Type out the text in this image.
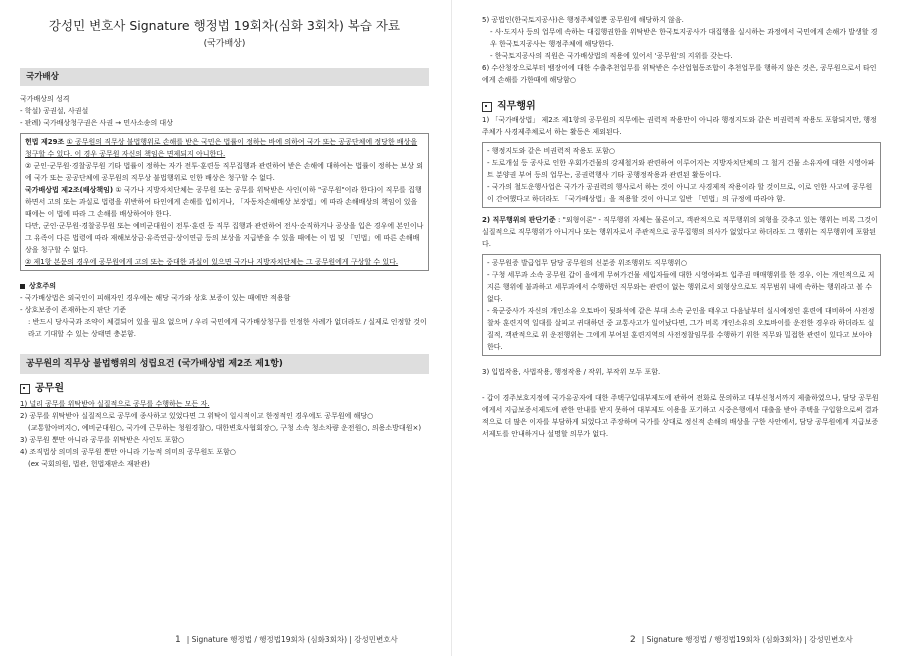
강성민 변호사 Signature 행정법 19회차(심화 3회차) 복습 자료
(국가배상)
국가배상
국가배상의 성격
- 학설) 공권설, 사권설
- 판례) 국가배상청구권은 사권 → 민사소송의 대상

헌법 제29조 ① 공무원의 직무상 불법행위로 손해를 받은 국민은 법률이 정하는 바에 의하여 국가 또는 공공단체에 정당한 배상을 청구할 수 있다. 이 경우 공무원 자신의 책임은 면제되지 아니한다.

② 군인·군무원·경찰공무원 기타 법률이 정하는 자가 전투·훈련등 직무집행과 관련하여 받은 손해에 대하여는 법률이 정하는 보상 외에 국가 또는 공공단체에 공무원의 직무상 불법행위로 인한 배상은 청구할 수 없다.

국가배상법 제2조(배상책임) ① 국가나 지방자치단체는 공무원 또는 공무를 위탁받은 사인(이하 "공무원"이라 한다)이 직무를 집행하면서 고의 또는 과실로 법령을 위반하여 타인에게 손해를 입히거나, 「자동차손해배상 보장법」에 따라 손해배상의 책임이 있을 때에는 이 법에 따라 그 손해를 배상하여야 한다.

다만, 군인·군무원·경찰공무원 또는 예비군대원이 전투·훈련 등 직무 집행과 관련하여 전사·순직하거나 공상을 입은 경우에 본인이나 그 유족이 다른 법령에 따라 재해보상금·유족연금·상이연금 등의 보상을 지급받을 수 있을 때에는 이 법 및 「민법」에 따른 손해배상을 청구할 수 없다.

② 제1항 본문의 경우에 공무원에게 고의 또는 중대한 과실이 있으면 국가나 지방자치단체는 그 공무원에게 구상할 수 있다.

상호주의
- 국가배상법은 외국인이 피해자인 경우에는 해당 국가와 상호 보증이 있는 때에만 적용함
- 상호보증이 존재하는지 판단 기준
: 반드시 당사국과 조약이 체결되어 있을 필요 없으며 / 우리 국민에게 국가배상청구를 인정한 사례가 없더라도 / 실제로 인정할 것이라고 기대할 수 있는 상태면 충분함.
공무원의 직무상 불법행위의 성립요건 (국가배상법 제2조 제1항)
공무원
1) 널리 공무를 위탁받아 실질적으로 공무를 수행하는 모든 자.
2) 공무를 위탁받아 실질적으로 공무에 종사하고 있었다면 그 위탁이 일시적이고 한정적인 경우에도 공무원에 해당○
(교통할아버지○, 예비군대원○, 국가에 근무하는 청원경찰○, 대한변호사협회장○, 구청 소속 청소차량 운전원○, 의용소방대원×)
3) 공무원 뿐만 아니라 공무를 위탁받은 사인도 포함○
4) 조직법상 의미의 공무원 뿐만 아니라 기능적 의미의 공무원도 포함○
(ex 국회의원, 법관, 헌법재판소 재판관)
5) 공법인(한국토지공사)은 행정주체일뿐 공무원에 해당하지 않음.
- 사·도지사 등의 업무에 속하는 대집행권한을 위탁받은 한국토지공사가 대집행을 실시하는 과정에서 국민에게 손해가 발생할 경우 한국토지공사는 행정주체에 해당한다.
- 한국토지공사의 직원은 국가배상법의 적용에 있어서 '공무원'의 지위를 갖는다.
6) 수산청장으로부터 뱀장어에 대한 수출추천업무를 위탁받은 수산업협동조합이 추천업무를 행하지 않은 것은, 공무원으로서 타인에게 손해를 가한때에 해당함○
직무행위
1) 「국가배상법」 제2조 제1항의 공무원의 직무에는 권력적 작용만이 아니라 행정지도와 같은 비권력적 작용도 포함되지만, 행정주체가 사경제주체로서 하는 활동은 제외된다.

- 행정지도와 같은 비권력적 작용도 포함○

- 도로개설 등 공사로 인한 우회가건물의 강제철거와 관련하여 이루어지는 지방자치단체의 그 철거 건물 소유자에 대한 시영아파트 분양권 부여 등의 업무는, 공권력행사 기타 공행정작용과 관련된 활동이다.

- 국가의 철도운행사업은 국가가 공권력의 행사로서 하는 것이 아니고 사경제적 작용이라 할 것이므로, 이로 인한 사고에 공무원이 간여했다고 하더라도 「국가배상법」을 적용할 것이 아니고 일반 「민법」의 규정에 따라야 함.

2) 직무행위의 판단기준 : "외형이론" - 직무행위 자체는 물론이고, 객관적으로 직무행위의 외형을 갖추고 있는 행위는 비록 그것이 실질적으로 직무행위가 아니거나 또는 행위자로서 주관적으로 공무집행의 의사가 없었다고 하더라도 그 행위는 직무행위에 포함된다.

- 공무원증 발급업무 담당 공무원의 신분증 위조행위도 직무행위○

- 구청 세무과 소속 공무원 갑이 을에게 무허가건물 세입자들에 대한 시영아파트 입주권 매매행위를 한 경우, 이는 개인적으로 저지른 행위에 불과하고 세무과에서 수행하던 직무와는 관련이 없는 행위로서 외형상으로도 직무범위 내에 속하는 행위라고 볼 수 없다.

- 육군중사가 자신의 개인소유 오토바이 뒷좌석에 같은 부대 소속 군인을 태우고 다음날부터 실시예정인 훈련에 대비하여 사전정찰차 훈련지역 일대를 살피고 귀대하던 중 교통사고가 일어났다면, 그가 비록 개인소유의 오토바이를 운전한 경우라 하더라도 실질적, 객관적으로 위 운전행위는 그에게 부여된 훈련지역의 사전정찰임무를 수행하기 위한 직무와 밀접한 관련이 있다고 보아야 한다.

3) 입법작용, 사법작용, 행정작용 / 작위, 부작위 모두 포함.
- 갑이 경주보호지정에 국가유공자에 대한 주택구입대부제도에 관하여 전화로 문의하고 대부신청서까지 제출하였으나, 담당 공무원에게서 지급보증서제도에 관한 안내를 받지 못하여 대부제도 이용을 포기하고 시중은행에서 대출을 받아 주택을 구입함으로써 결과적으로 더 많은 이자를 부담하게 되었다고 주장하며 국가를 상대로 정신적 손해의 배상을 구한 사안에서, 담당 공무원에게 지급보증서제도를 안내하거나 설명할 의무가 없다.
1 | Signature 행정법 / 행정법19회차 (심화3회차) | 강성민변호사	2 | Signature 행정법 / 행정법19회차 (심화3회차) | 강성민변호사
